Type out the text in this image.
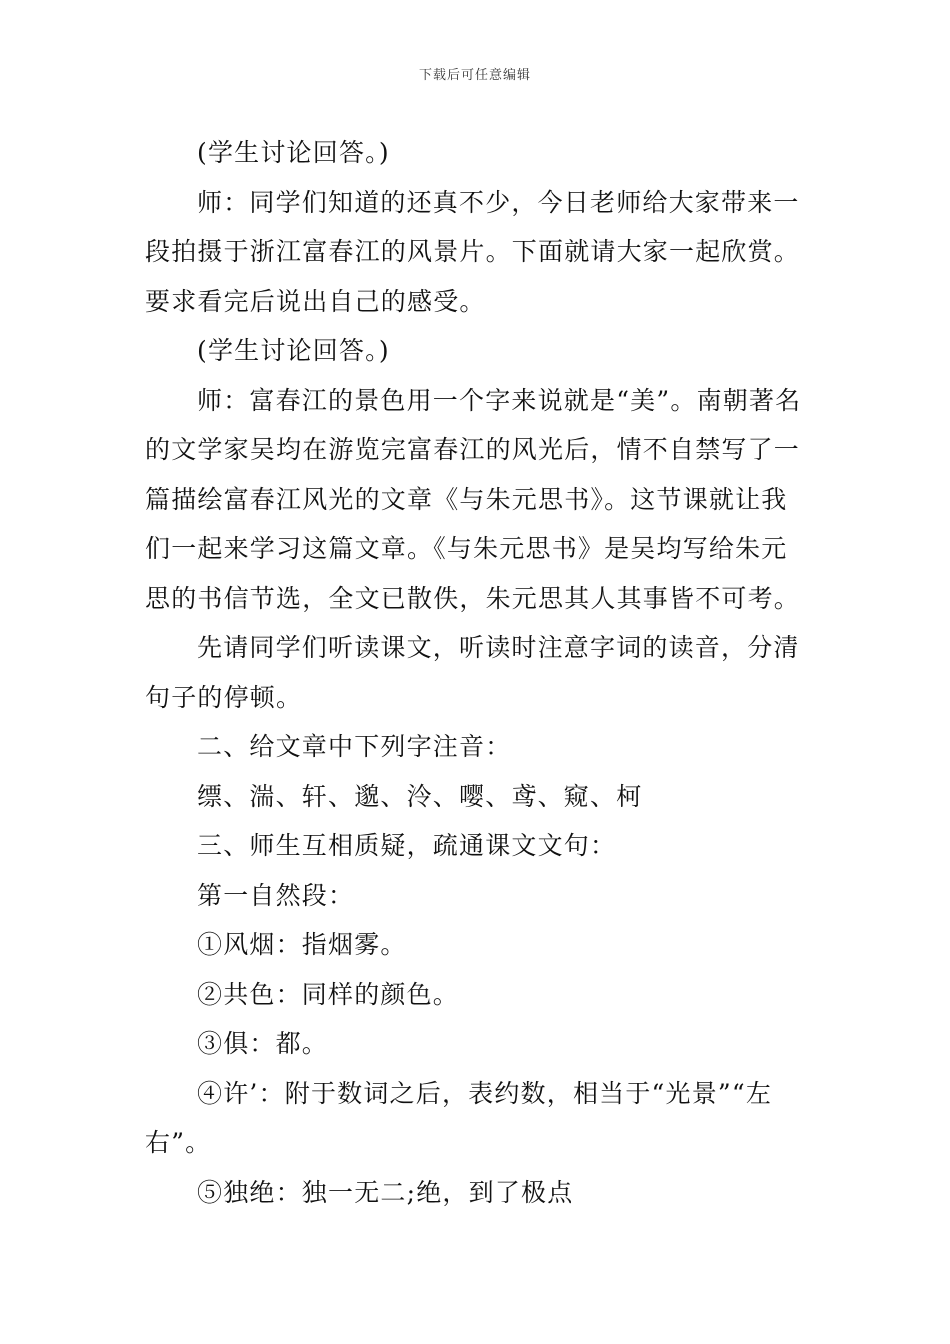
下载后可任意编辑

(学生讨论回答。)

师：同学们知道的还真不少，今日老师给大家带来一段拍摄于浙江富春江的风景片。下面就请大家一起欣赏。要求看完后说出自己的感受。

(学生讨论回答。)

师：富春江的景色用一个字来说就是“美”。南朝著名的文学家吴均在游览完富春江的风光后，情不自禁写了一篇描绘富春江风光的文章《与朱元思书》。这节课就让我们一起来学习这篇文章。《与朱元思书》是吴均写给朱元思的书信节选，全文已散佚，朱元思其人其事皆不可考。

先请同学们听读课文，听读时注意字词的读音，分清句子的停顿。

二、给文章中下列字注音：

缥、湍、轩、邈、泠、嘤、鸢、窥、柯

三、师生互相质疑，疏通课文文句：

第一自然段：

①风烟：指烟雾。

②共色：同样的颜色。

③俱：都。

④许’：附于数词之后，表约数，相当于“光景”“左右”。

⑤独绝：独一无二;绝，到了极点
